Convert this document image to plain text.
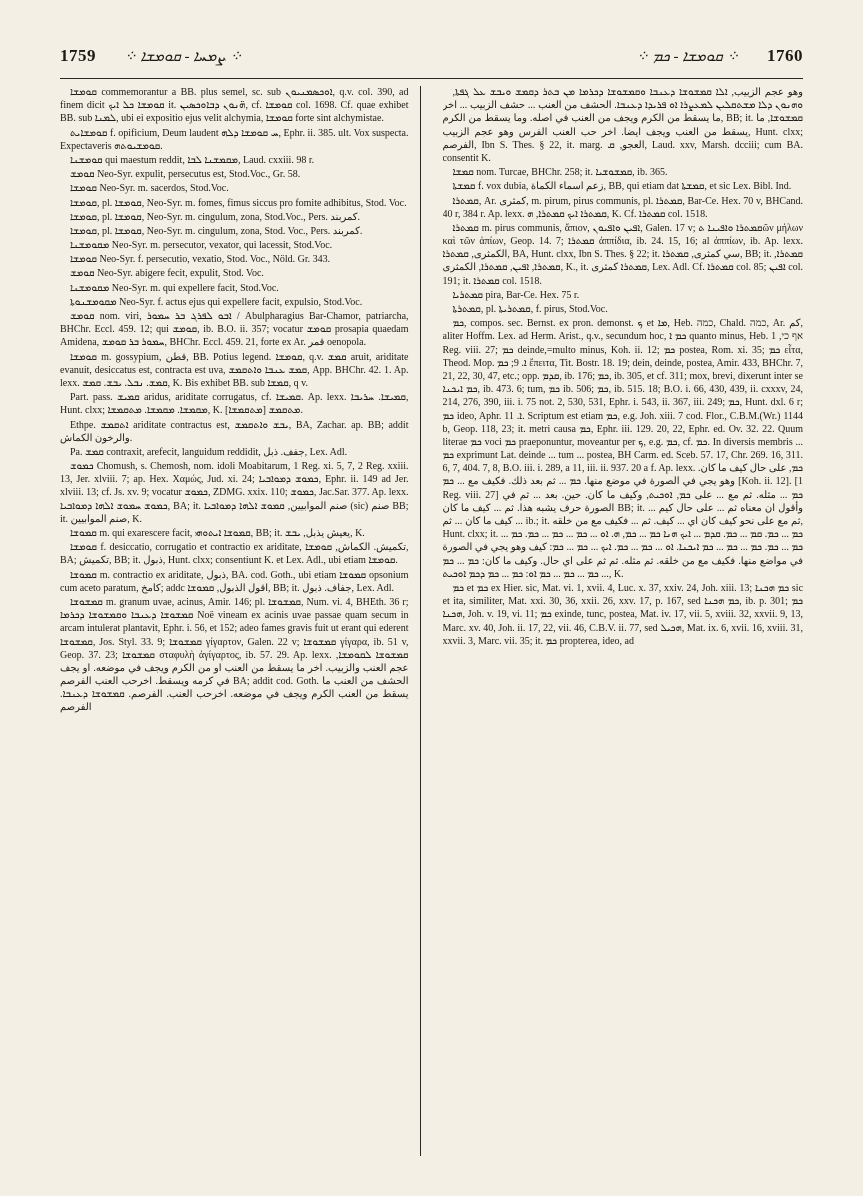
1759 ⁘ ܨܡܚܐ - ܩܘܡܫܐ ⁘	⁘ ܩܘܡܫܐ - ܟܡ ⁘ 1760

ܩܘܡܫܐ commemorantur a BB. plus semel, sc. sub ܐܘܟܣܡܢܝܘܢ, q.v. col. 390, ad finem dicit ܩܘܡܫܐ ܟܠ ܐܝܟ it. ܗ̈ܢܘܢ ܕܒܐܘܟܣܝܢ, cf. ܩܘܡܫܐ col. 1698. Cf. quae exhibet BB. sub ܠܡܢܐ, ubi ei expositio ejus velit alchymia, ܩܘܡܫܐ forte sint alchymistae.

ܩܘܡܫܐܝܬ f. opificium, Deum laudent ܚ ܩܘܡܫܐ ܕܠܗ, Ephr. ii. 385. ult. Vox suspecta. Expectaveris ܩܘܡܫܝܘܬܗ.

ܩܘܡܫܢܐ qui maestum reddit, ܡܩܡܫܢܐ ܠܒܐ, Laud. cxxiii. 98 r.

ܩܘܡܫ Neo-Syr. expulit, persecutus est, Stod.Voc., Gr. 58.

ܩܘܡܫܐ Neo-Syr. m. sacerdos, Stod.Voc.

ܩܘܡܫܐ, pl. ܩܘܡܫܐ, Neo-Syr. m. fomes, fimus siccus pro fomite adhibitus, Stod. Voc.

ܩܘܡܫܐ, pl. ܩܘܡܫܐ, Neo-Syr. m. cingulum, zona, Stod.Voc., Pers. كمربند.

ܩܘܡܫܐ, pl. ܩܘܡܫܐ, Neo-Syr. m. cingulum, zona, Stod. Voc., Pers. كمربند.

ܡܩܘܡܫܢܐ Neo-Syr. m. persecutor, vexator, qui lacessit, Stod.Voc.

ܩܘܡܫܐ Neo-Syr. f. persecutio, vexatio, Stod. Voc., Nöld. Gr. 343.

ܩܘܡܫ Neo-Syr. abigere fecit, expulit, Stod. Voc.

ܡܩܘܡܫܢܐ Neo-Syr. m. qui expellere facit, Stod.Voc.

ܡܩܘܡܫܢܘܬܐ Neo-Syr. f. actus ejus qui expellere facit, expulsio, Stod.Voc.

ܩܘܡܫ nom. viri, ܐܒܘ ܠܦܪܓ ܒܪ ܚܡܘܪ / Abulpharagius Bar-Chamor, patriarcha, BHChr. Eccl. 459. 12; qui ܩܘܡܫ, ib. B.O. ii. 357; vocatur ܩܘܡܫ prosapia quaedam Amidena, ܚܡܘܪ ܒܪ ܩܘܡܫ, BHChr. Eccl. 459. 21, forte ex Ar. قمر oenopola.

ܩܘܡܫܐ m. gossypium, قطن, BB. Potius legend. ܩܘܡܫܐ, q.v. ܩܡܫ aruit, ariditate evanuit, desiccatus est, contracta est uva, ܩܡܫ ܥܢܒܐ ܘܐܬܩܡܫ, App. BHChr. 42. 1. Ap. lexx. ܩܡܫ. ܢܒܠ. ܝܒܫ. ܩܡܫ, K. Bis exhibet BB. sub ܩܡܫܐ, q v.

Part. pass. ܩܡܝܫ aridus, ariditate corrugatus, cf. ܩܡܝܫܐ. Ap. lexx. ܩܡܝܫܐ. ܚܪܝܒܐ, Hunt. clxx; ܡܩܡܫܐ. ܡܩܡܫܐ. ܡܬܩܡܫܐ, K. ܡܬܩܡܫ [ܡܬܩܡܫܐ].

Ethpe. ܐܬܩܡܫ ariditate contractus est, ܝܒܫ ܘܐܬܩܡܫ, BA, Zachar. ap. BB; addit والرخون الكماش.

Pa. ܩܡܫ contraxit, arefecit, languidum reddidit, جفف. ذبل, Lex. Adl.

ܟܡܘܫ Chomush, s. Chemosh, nom. idoli Moabitarum, 1 Reg. xi. 5, 7, 2 Reg. xxiii. 13, Jer. xlviii. 7; ap. Hex. Χαμώς, Jud. xi. 24; ܟܡܘܫ ܕܡܘܐܒܝܐ, Ephr. ii. 149 ad Jer. xlviii. 13; cf. Js. xv. 9; vocatur ܟܡܘܫ, ZDMG. xxix. 110; ܟܡܘܫ, Jac.Sar. 377. Ap. lexx. ܟܡܘܫ ܚܡܘܫ ܐܠܗܐ ܕܡܘܐܒܝܐ, BA; it. صنم الموابيين, ܩܡܘܫ ܐܠܗܐ ܕܡܘܐܒܝܐ (sic) صنم BB; it. صنم الموابيين, K.

ܩܡܘܫܐ m. qui exarescere facit, ܩܡܘܫܐ ܐܝܬܘܗܝ, BB; it. يعيش يذبل, ܝܒܫ, K.

ܩܘܡܫܐ f. desiccatio, corrugatio et contractio ex ariditate, تكميش. الكماش, ܩܘܡܫܐ, BA; تكميش, BB; it. ذبول, Hunt. clxx; consentiunt K. et Lex. Adl., ubi etiam ܩܘܡܫܐ.

ܩܡܘܫܐ m. contractio ex ariditate, ذبول, BA. cod. Goth., ubi etiam ܩܡܘܫܐ opsonium cum aceto paratum, كامخ; addc اقول الذبول, ܩܡܘܫܐ, BB; it. جفاف. ذبول, Lex. Adl.

ܩܡܫܘܫܐ m. granum uvae, acinus, Amir. 146; pl. ܩܡܫܘܫܐ, Num. vi. 4, BHEth. 36 r; ܩܡܫܘܫܐ ܕܥܢܒܐ ܘܩܡܫܘܫܐ ܕܟܪܡܐ Noë vineam ex acinis uvae passae quam secum in arcam intulerat plantavit, Ephr. i. 56, et 152; adeo fames gravis fuit ut erant qui ederent ܩܡܫܘܫܐ, Jos. Styl. 33. 9; ܩܡܫܘܫܐ γίγαρτον, Galen. 22 v; ܩܡܫܘܫܐ γίγαρα, ib. 51 v, Geop. 37. 23; ܩܡܫܘܫܐ σταφυλὴ ἀγίγαρτος, ib. 57. 29. Ap. lexx. ܩܡܫܘܫܐ ܠܩܘܡܫܐ, عجم العنب والزبيب. اخر ما يسقط من العنب او من الكرم ويجف في موضعه. او يجف في كرمه ويسقط. اخرحب العنب الفرصم BA; addit cod. Goth. الحشف من العنب ما يسقط من العنب الكرم ويجف في موضعه. اخرحب العنب. الفرصم. ܩܡܫܘܫܐ ܕܥܢܒܐ. الفرصم

وهو عجم الزبيب, ܐܠܐ ܩܡܫܘܫܐ ܕܥܢܒܐ ܘܩܡܫܘܫܐ ܕܟܪܡܐ ܡܢ ܒܬܪ ܕܩܡܫ ܘܝܒܫ ܥܠ ܓܦܬܐ, ܘܗܢܘܢ ܕܠܐ ܡܫܬܩܠܝܢ ܠܡܥܨܪܐ ܐܘ ܦܪܝܕܐ ܕܥܢܒܐ. الحشف من العنب ... حشف الزبيب ... اخر ما يسقط من الكرم ويجف من العنب في اصله. وما يسقط من الكرم, BB; it. ܩܡܫܘܫܐ, ما يسقط من العنب ويجف ايضا. اخر حب العنب الفرس وهو عجم الزبيب, Hunt. clxx; الفرصم, Ibn S. Thes. § 22, it. marg. العجو, ܩ, Laud. xxv, Marsh. dcciii; cum BA. consentit K.

ܩܡܫܐ nom. Turcae, BHChr. 258; it. ܩܡܫܘܫܝܐ, ib. 365.

ܩܡܫܬܐ f. vox dubia, زعم اسماء الكماة, BB, qui etiam dat ܩܡܫܬܐ, et sic Lex. Bibl. Ind.

ܩܡܬܪܐ, Ar. كمثرى, m. pirum, pirus communis, pl. ܩܡܬܪܐ, Bar-Ce. Hex. 70 v, BHCand. 40 r, 384 r. Ap. lexx. ܩܡܬܪܐ ܐܝܟ ܩܡܬܪܐ, ܗ, K. Cf. ܩܡܬܪܐ col. 1518.

ܩܡܬܪܐ m. pirus communis, ἄπιον, ܐܦܝܢ ܘܐܦܝܘܢ, Galen. 17 v; ܩܡܬܪܐ ܘܐܦܝܢܐ ܬῶν μήλων καὶ τῶν ἀπίων, Geop. 14. 7; ܩܡܬܪܐ ἀππίδια, ib. 24. 15, 16; al ἀππίων, ib. Ap. lexx. الكمثرى, ܩܡܬܪܐ, BA, Hunt. clxx, Ibn S. Thes. § 22; it. سي كمثرى, ܩܡܬܪܐ, BB; it. ܩܡܬܪܐ, ܩܡܬܪܐ, ܐܦܝܢ, ܩܡܬܪܐ, الكمثرى, K., it. ܩܡܬܪܐ كمثرى, Lex. Adl. Cf. ܩܡܬܪܐ col. 85; ܐܦܝܢ col. 191; it. ܩܡܬܪܐ col. 1518.

ܩܡܬܪܝܐ pira, Bar-Ce. Hex. 75 r.

ܩܡܬܪܬܐ, pl. ܩܡܬܪܝܬܐ, f. pirus, Stod.Voc.

ܟܡ, compos. sec. Bernst. ex pron. demonst. ܟ et ܡܐ, Heb. כמה, Chald. כמה, Ar. كم, aliter Hoffm. Lex. ad Herm. Arist., q.v., secundum hoc, ܟܡ ܐ quanto minus, Heb. אף כי, 1 Reg. viii. 27; ܟܡ deinde,=multo minus, Koh. ii. 12; ܟܡ postea, Rom. xi. 35; ܟܡ εἶτα, Theod. Mop. ܐ. 9; ܟܡ ἔπειτα, Tit. Bostr. 18. 19; dein, deinde, postea, Amir. 433, BHChr. 7, 21, 22, 30, 47, etc.; opp. ܩܕܡ, ib. 176; ܟܡ, ib. 305, et cf. 311; mox, brevi, dixerunt inter se ܟܡ ܐܝܟܢܐ, ib. 473. 6; tum, ܟܡ ib. 506; ܟܡ, ib. 515. 18; B.O. i. 66, 430, 439, ii. cxxxv, 24, 214, 276, 390, iii. i. 75 not. 2, 530, 531, Ephr. i. 543, ii. 367, iii. 249; ܟܡ, Hunt. dxl. 6 r; ܟܡ ideo, Aphr. ܐ. 11. Scriptum est etiam ܟܡ, e.g. Joh. xiii. 7 cod. Flor., C.B.M.(Wr.) 1144 b, Geop. 118, 23; it. metri causa ܟܡ, Ephr. iii. 129. 20, 22, Ephr. ed. Ov. 32. 22. Quum literae ܟܡ voci ܟܡ praeponuntur, moveantur per ܟ, e.g. ܟܡ, cf. ܟܡ. In diversis membris ... ܟܡ exprimunt Lat. deinde ... tum ... postea, BH Carm. ed. Sceb. 57. 17, Chr. 269. 16, 311. 6, 7, 404. 7, 8, B.O. iii. i. 289, a 11, iii. ii. 937. 20 a f. Ap. lexx. ܟܡ, على حال كيف ما كان. وهو يجي في الصورة في موضع منها. ܟܡ ... ثم بعد ذلك. فكيف مع ... ܟܡ [Koh. ii. 12]. [1 Reg. viii. 27] ܟܡ ... مثله. ثم مع ... على ܟܡ, ܐܘܟܝܬ, وكيف ما كان. حين. بعد ... ثم في الصورة حرف يشبه هذا. ثم ... كيف ما كان BB; it. ... وأقول ان معناه ثم ... على حال كيم كيف ما كان ... ثم ... ib.; it. ثم مع على نحو كيف كان اي ... كيف. ثم ... فكيف مع من خلقه, Hunt. clxx; it. ܟܡ ... ܟܡ. ܩܡ ... ܟܡ. ܩܕܡ ... ܐܝܟ ܗܢܐ ܟܡ ... ܟܡ, ܗ. ܐܘ ... ܟܡ ... ܟܡ ... ܟܡ. ܟܡ ... ܟܡ ... ܟܡ. ܟܡ ... ܟܡ ... ܟܡ ܐܝܟܢܐ. ܐܘ ... ܟܡ ... ܟܡ. ܐܝܟ ... ܟܡ ... ܟܡ: كيف وهو يجي في الصورة في مواضع منها. فكيف مع من خلقه. ثم مثله. ثم ثم على اي حال. وكيف ما كان: ܟܡ ... ܟܡ ... ܟܡ ... ܟܡ ... ܟܡ ܐܘ: ܟܡ ... ܟܡ ܕܟܡ ܐܘܟܝܬ, K.

ܟܡ et ܟܡ ex Hier. sic, Mat. vi. 1, xvii. 4, Luc. x. 37, xxiv. 24, Joh. xiii. 13; ܟܡ ܗܟܢܐ sic et ita, similiter, Mat. xxi. 30, 36, xxii. 26, xxv. 17, p. 167, sed ܟܡ ܗܟܢܐ, ib. p. 301; ܟܡ ܗܟܢܐ, Joh. v. 19, vi. 11; ܟܡ exinde, tunc, postea, Mat. iv. 17, vii. 5, xviii. 32, xxvii. 9, 13, Marc. xv. 40, Joh. ii. 17, 22, vii. 46, C.B.V. ii. 77, sed ܗܟܝܠ, Mat. ix. 6, xvii. 16, xviii. 31, xxvii. 3, Marc. vii. 35; it. ܟܡ propterea, ideo, ad
